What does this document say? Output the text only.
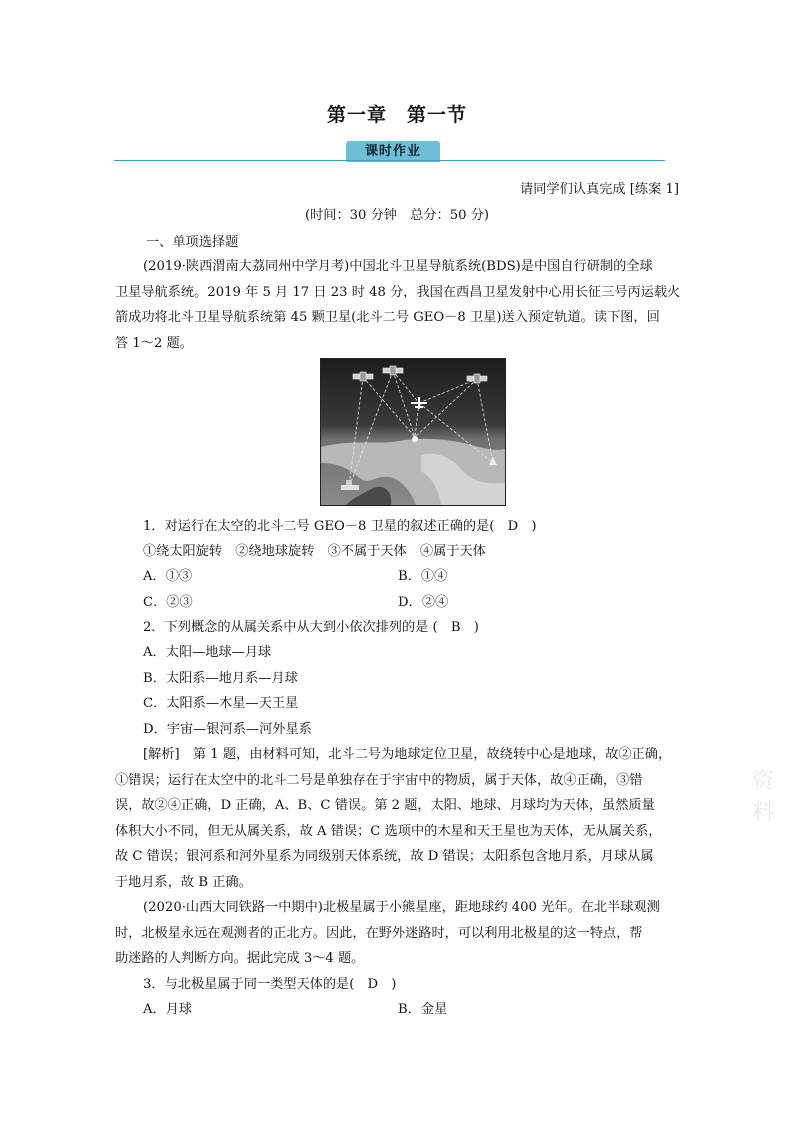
第一章　第一节
课时作业
请同学们认真完成 [练案 1]
(时间：30 分钟　总分：50 分)
一、单项选择题
(2019·陕西渭南大荔同州中学月考)中国北斗卫星导航系统(BDS)是中国自行研制的全球
卫星导航系统。2019 年 5 月 17 日 23 时 48 分，我国在西昌卫星发射中心用长征三号丙运载火
箭成功将北斗卫星导航系统第 45 颗卫星(北斗二号 GEO－8 卫星)送入预定轨道。读下图，回
答 1～2 题。
1．对运行在太空的北斗二号 GEO－8 卫星的叙述正确的是(　D　)
①绕太阳旋转　②绕地球旋转　③不属于天体　④属于天体
A．①③	B．①④
C．②③	D．②④
2．下列概念的从属关系中从大到小依次排列的是 (　B　)
A．太阳—地球—月球
B．太阳系—地月系—月球
C．太阳系—木星—天王星
D．宇宙—银河系—河外星系
[解析]　第 1 题，由材料可知，北斗二号为地球定位卫星，故绕转中心是地球，故②正确，
①错误；运行在太空中的北斗二号是单独存在于宇宙中的物质，属于天体，故④正确，③错
误，故②④正确，D 正确，A、B、C 错误。第 2 题，太阳、地球、月球均为天体，虽然质量
体积大小不同，但无从属关系，故 A 错误；C 选项中的木星和天王星也为天体，无从属关系，
故 C 错误；银河系和河外星系为同级别天体系统，故 D 错误；太阳系包含地月系，月球从属
于地月系，故 B 正确。
(2020·山西大同铁路一中期中)北极星属于小熊星座，距地球约 400 光年。在北半球观测
时，北极星永远在观测者的正北方。因此，在野外迷路时，可以利用北极星的这一特点，帮
助迷路的人判断方向。据此完成 3～4 题。
3．与北极星属于同一类型天体的是(　D　)
A．月球	B．金星
资料
